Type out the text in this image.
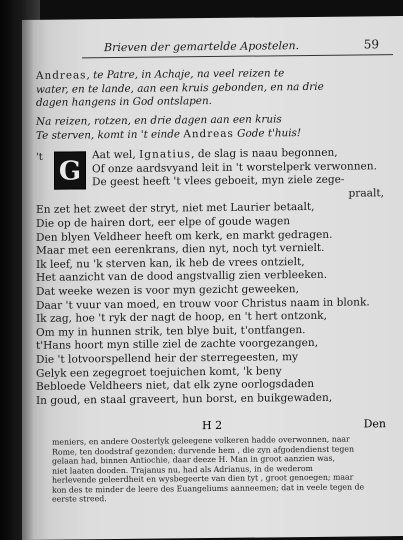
Brieven der gemartelde Apostelen.	59
Andreas, te Patre, in Achaje, na veel reizen te
water, en te lande, aan een kruis gebonden, en na drie
dagen hangens in God ontslapen.
Na reizen, rotzen, en drie dagen aan een kruis
Te sterven, komt in 't einde Andreas Gode t'huis!
't G
Aat wel, Ignatius, de slag is naau begonnen,
Of onze aardsvyand leit in 't worstelperk verwonnen.
De geest heeft 't vlees geboeit, myn ziele zege-
praalt,
En zet het zweet der stryt, niet met Laurier betaalt,
Die op de hairen dort, eer elpe of goude wagen
Den blyen Veldheer heeft om kerk, en markt gedragen.
Maar met een eerenkrans, dien nyt, noch tyt vernielt.
Ik leef, nu 'k sterven kan, ik heb de vrees ontzielt,
Het aanzicht van de dood angstvallig zien verbleeken.
Dat weeke wezen is voor myn gezicht geweeken,
Daar 't vuur van moed, en trouw voor Christus naam in blonk.
Ik zag, hoe 't ryk der nagt de hoop, en 't hert ontzonk,
Om my in hunnen strik, ten blye buit, t'ontfangen.
t'Hans hoort myn stille ziel de zachte voorgezangen,
Die 't lotvoorspellend heir der sterregeesten, my
Gelyk een zegegroet toejuichen komt, 'k beny
Bebloede Veldheers niet, dat elk zyne oorlogsdaden
In goud, en staal graveert, hun borst, en buikgewaden,
H 2	Den
meniers, en andere Oosterlyk geleegene volkeren hadde overwonnen, naar
Rome, ten doodstraf gezonden; durvende hem , die zyn afgodendienst tegen
gelaan had, binnen Antiochie, daar deeze H. Man in groot aanzien was,
niet laaten dooden. Trajanus nu, had als Adrianus, in de wederom
herlevende geleerdheit en wysbegeerte van dien tyt , groot genoegen; maar
kon des te minder de leere des Euangeliums aanneemen; dat in veele tegen de
eerste streed.
